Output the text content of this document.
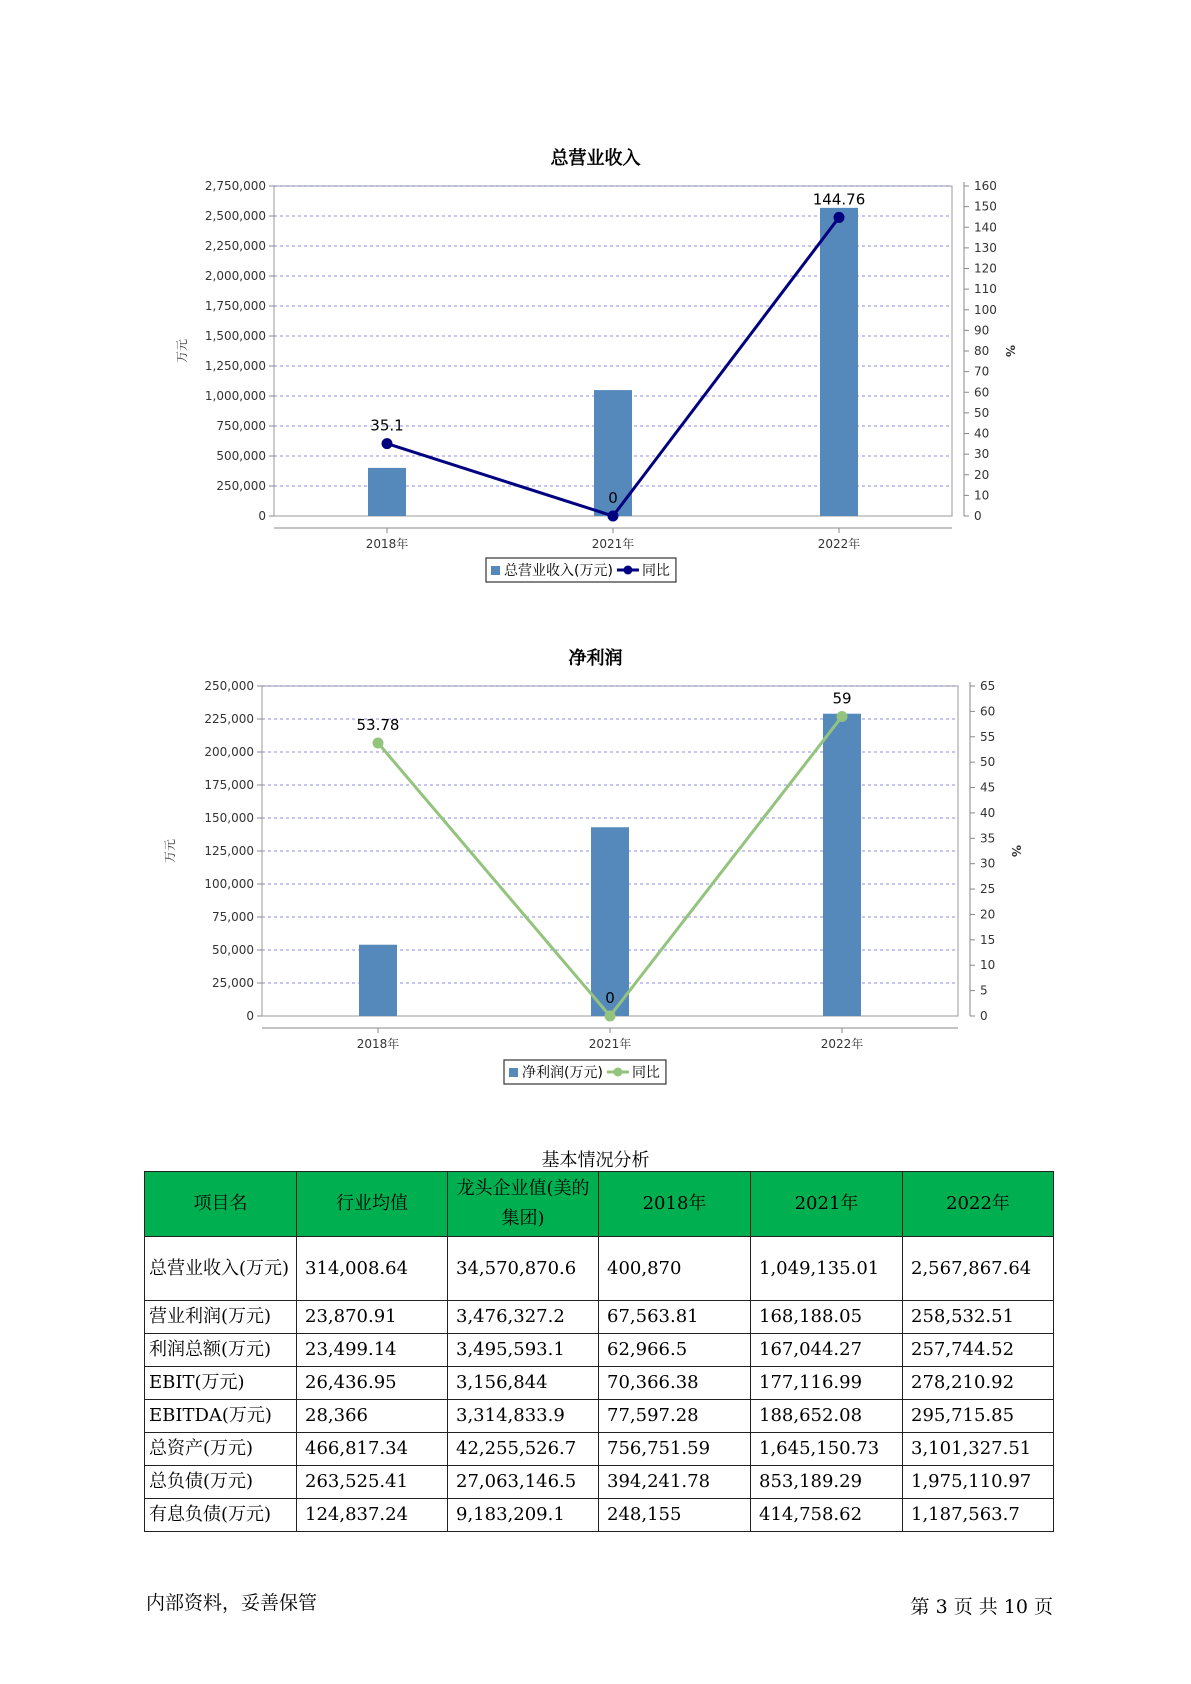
总营业收入
0
250,000
500,000
750,000
1,000,000
1,250,000
1,500,000
1,750,000
2,000,000
2,250,000
2,500,000
2,750,000
0
10
20
30
40
50
60
70
80
90
100
110
120
130
140
150
160
万元	%
2018年	2021年	2022年
35.1
0
144.76
总营业收入(万元) 同比
净利润
0
25,000
50,000
75,000
100,000
125,000
150,000
175,000
200,000
225,000
250,000
0
5
10
15
20
25
30
35
40
45
50
55
60
65
万元	%
2018年	2021年	2022年
53.78
0
59
净利润(万元) 同比
基本情况分析
项目名	行业均值	龙头企业值(美的集团)	2018年	2021年	2022年
总营业收入(万元)	314,008.64	34,570,870.6	400,870	1,049,135.01	2,567,867.64
营业利润(万元)	23,870.91	3,476,327.2	67,563.81	168,188.05	258,532.51
利润总额(万元)	23,499.14	3,495,593.1	62,966.5	167,044.27	257,744.52
EBIT(万元)	26,436.95	3,156,844	70,366.38	177,116.99	278,210.92
EBITDA(万元)	28,366	3,314,833.9	77,597.28	188,652.08	295,715.85
总资产(万元)	466,817.34	42,255,526.7	756,751.59	1,645,150.73	3,101,327.51
总负债(万元)	263,525.41	27,063,146.5	394,241.78	853,189.29	1,975,110.97
有息负债(万元)	124,837.24	9,183,209.1	248,155	414,758.62	1,187,563.7
内部资料，妥善保管	第 3 页 共 10 页
